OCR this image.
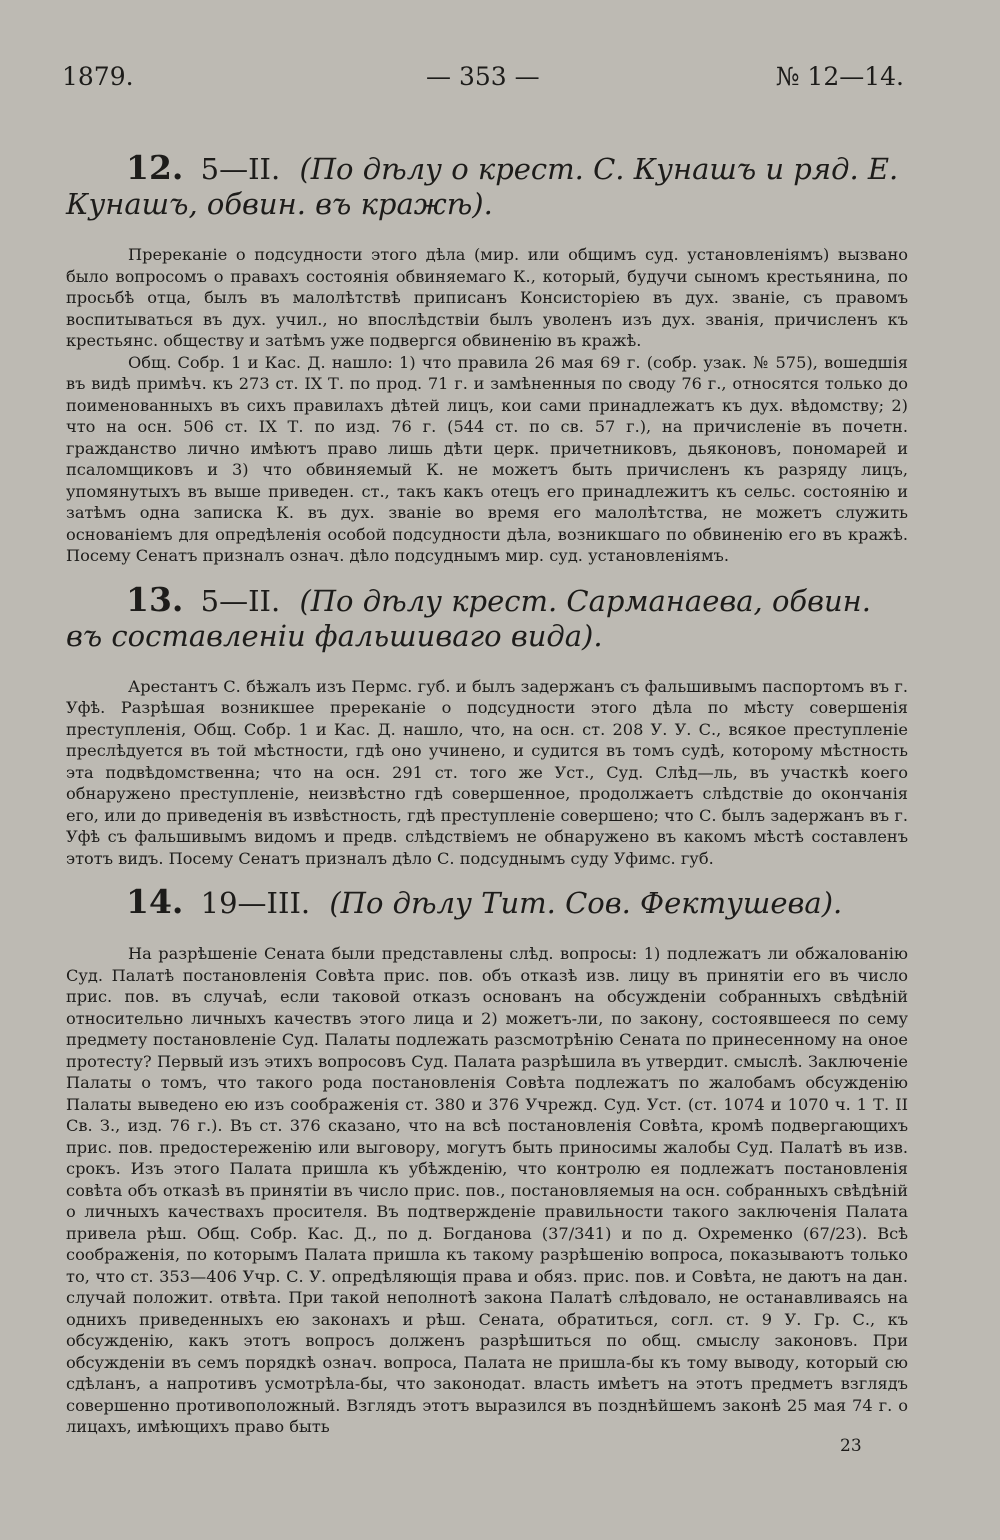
1879.	— 353 —	№ 12—14.
12. 5—II. (По дѣлу о крест. С. Кунашъ и ряд. Е. Кунашъ, обвин. въ кражѣ).

Пререканіе о подсудности этого дѣла (мир. или общимъ суд. установленіямъ) вызвано было вопросомъ о правахъ состоянія обвиняемаго К., который, будучи сыномъ крестьянина, по просьбѣ отца, былъ въ малолѣтствѣ приписанъ Консисторіею въ дух. званіе, съ правомъ воспитываться въ дух. учил., но впослѣдствіи былъ уволенъ изъ дух. званія, причисленъ къ крестьянс. обществу и затѣмъ уже подвергся обвиненію въ кражѣ.

Общ. Собр. 1 и Кас. Д. нашло: 1) что правила 26 мая 69 г. (собр. узак. № 575), вошедшія въ видѣ примѣч. къ 273 ст. IX Т. по прод. 71 г. и замѣненныя по своду 76 г., относятся только до поименованныхъ въ сихъ правилахъ дѣтей лицъ, кои сами принадлежатъ къ дух. вѣдомству; 2) что на осн. 506 ст. IX Т. по изд. 76 г. (544 ст. по св. 57 г.), на причисленіе въ почетн. гражданство лично имѣютъ право лишь дѣти церк. причетниковъ, дьяконовъ, пономарей и псаломщиковъ и 3) что обвиняемый К. не можетъ быть причисленъ къ разряду лицъ, упомянутыхъ въ выше приведен. ст., такъ какъ отецъ его принадлежитъ къ сельс. состоянію и затѣмъ одна записка К. въ дух. званіе во время его малолѣтства, не можетъ служить основаніемъ для опредѣленія особой подсудности дѣла, возникшаго по обвиненію его въ кражѣ. Посему Сенатъ призналъ означ. дѣло подсуднымъ мир. суд. установленіямъ.

13. 5—II. (По дѣлу крест. Сарманаева, обвин. въ составленіи фальшиваго вида).

Арестантъ С. бѣжалъ изъ Пермс. губ. и былъ задержанъ съ фальшивымъ паспортомъ въ г. Уфѣ. Разрѣшая возникшее пререканіе о подсудности этого дѣла по мѣсту совершенія преступленія, Общ. Собр. 1 и Кас. Д. нашло, что, на осн. ст. 208 У. У. С., всякое преступленіе преслѣдуется въ той мѣстности, гдѣ оно учинено, и судится въ томъ судѣ, которому мѣстность эта подвѣдомственна; что на осн. 291 ст. того же Уст., Суд. Слѣд—ль, въ участкѣ коего обнаружено преступленіе, неизвѣстно гдѣ совершенное, продолжаетъ слѣдствіе до окончанія его, или до приведенія въ извѣстность, гдѣ преступленіе совершено; что С. былъ задержанъ въ г. Уфѣ съ фальшивымъ видомъ и предв. слѣдствіемъ не обнаружено въ какомъ мѣстѣ составленъ этотъ видъ. Посему Сенатъ призналъ дѣло С. подсуднымъ суду Уфимс. губ.

14. 19—III. (По дѣлу Тит. Сов. Фектушева).

На разрѣшеніе Сената были представлены слѣд. вопросы: 1) подлежатъ ли обжалованію Суд. Палатѣ постановленія Совѣта прис. пов. объ отказѣ изв. лицу въ принятіи его въ число прис. пов. въ случаѣ, если таковой отказъ основанъ на обсужденіи собранныхъ свѣдѣній относительно личныхъ качествъ этого лица и 2) можетъ-ли, по закону, состоявшееся по сему предмету постановленіе Суд. Палаты подлежать разсмотрѣнію Сената по принесенному на оное протесту? Первый изъ этихъ вопросовъ Суд. Палата разрѣшила въ утвердит. смыслѣ. Заключеніе Палаты о томъ, что такого рода постановленія Совѣта подлежатъ по жалобамъ обсужденію Палаты выведено ею изъ соображенія ст. 380 и 376 Учрежд. Суд. Уст. (ст. 1074 и 1070 ч. 1 Т. II Св. З., изд. 76 г.). Въ ст. 376 сказано, что на всѣ постановленія Совѣта, кромѣ подвергающихъ прис. пов. предостереженію или выговору, могутъ быть приносимы жалобы Суд. Палатѣ въ изв. срокъ. Изъ этого Палата пришла къ убѣжденію, что контролю ея подлежатъ постановленія совѣта объ отказѣ въ принятіи въ число прис. пов., постановляемыя на осн. собранныхъ свѣдѣній о личныхъ качествахъ просителя. Въ подтвержденіе правильности такого заключенія Палата привела рѣш. Общ. Собр. Кас. Д., по д. Богданова (37/341) и по д. Охременко (67/23). Всѣ соображенія, по которымъ Палата пришла къ такому разрѣшенію вопроса, показываютъ только то, что ст. 353—406 Учр. С. У. опредѣляющія права и обяз. прис. пов. и Совѣта, не даютъ на дан. случай положит. отвѣта. При такой неполнотѣ закона Палатѣ слѣдовало, не останавливаясь на однихъ приведенныхъ ею законахъ и рѣш. Сената, обратиться, согл. ст. 9 У. Гр. С., къ обсужденію, какъ этотъ вопросъ долженъ разрѣшиться по общ. смыслу законовъ. При обсужденіи въ семъ порядкѣ означ. вопроса, Палата не пришла-бы къ тому выводу, который сю сдѣланъ, а напротивъ усмотрѣла-бы, что законодат. власть имѣетъ на этотъ предметъ взглядъ совершенно противоположный. Взглядъ этотъ выразился въ позднѣйшемъ законѣ 25 мая 74 г. о лицахъ, имѣющихъ право быть

23
